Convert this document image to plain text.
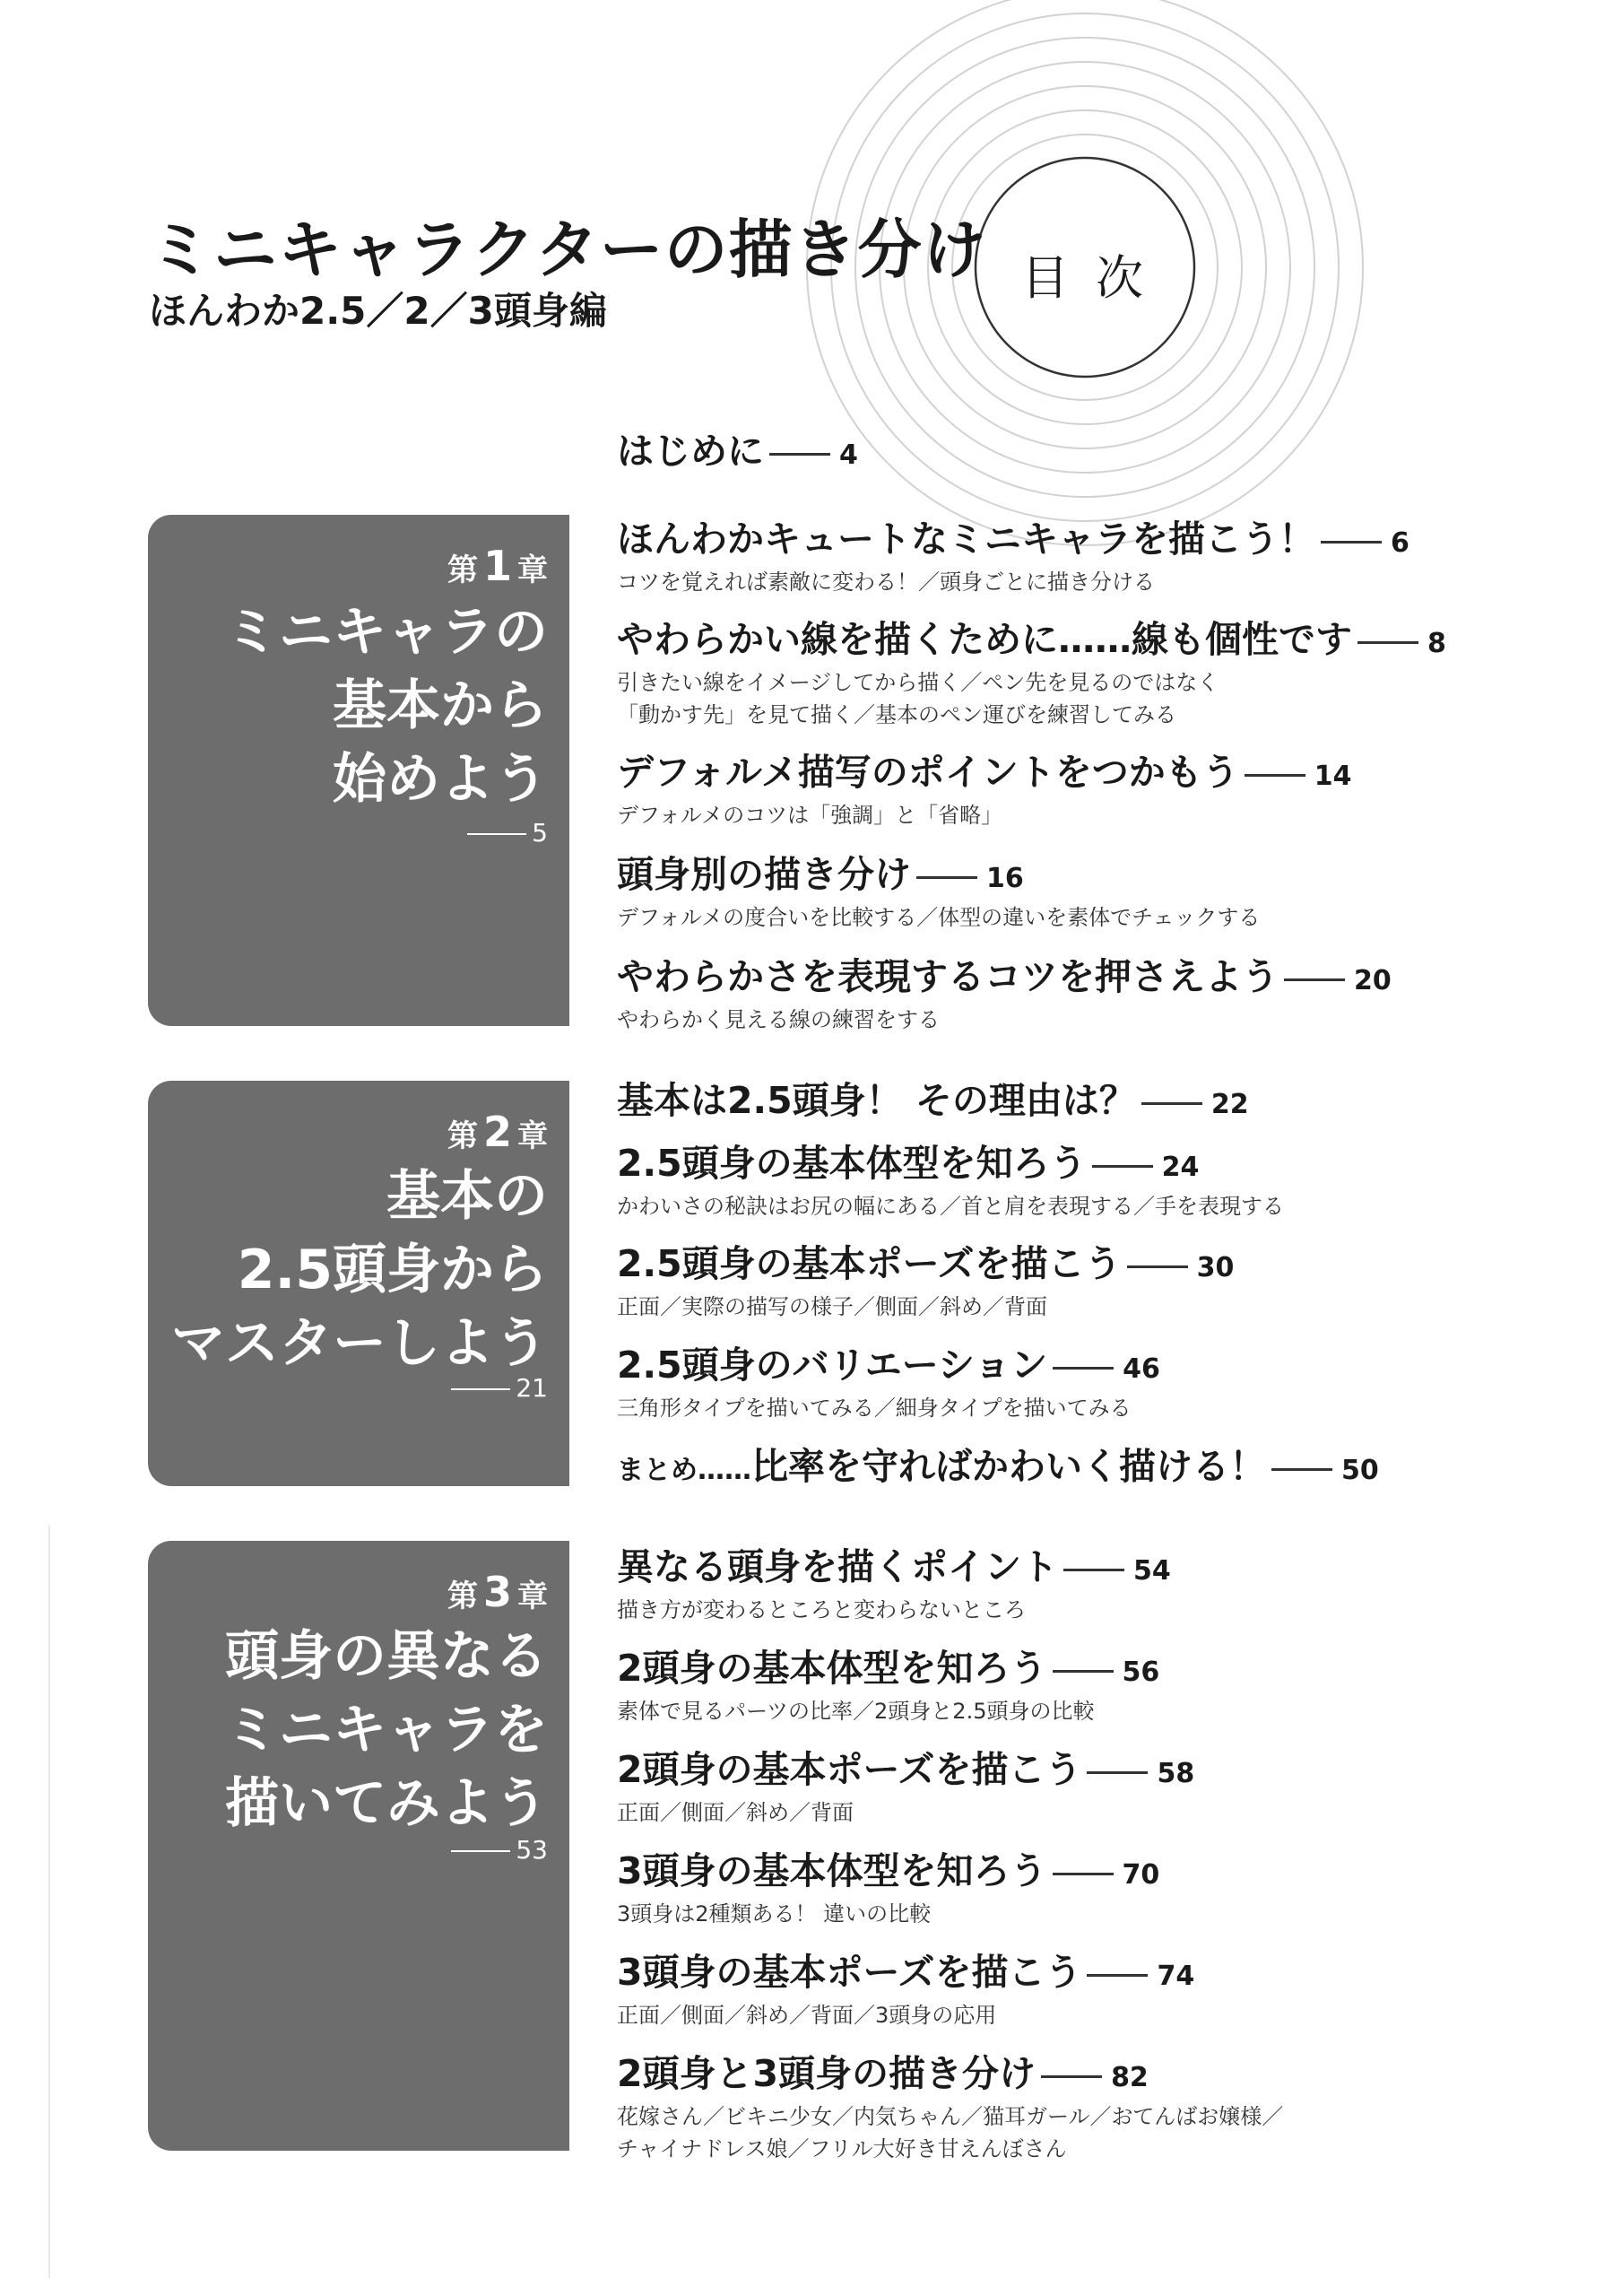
ミニキャラクターの描き分け
ほんわか2.5／2／3頭身編
目次
第 1 章
ミニキャラの
基本から
始めよう
5
第 2 章
基本の
2.5頭身から
マスターしよう
21
第 3 章
頭身の異なる
ミニキャラを
描いてみよう
53
はじめに	4
ほんわかキュートなミニキャラを描こう！	6
コツを覚えれば素敵に変わる！／頭身ごとに描き分ける
やわらかい線を描くために……線も個性です	8
引きたい線をイメージしてから描く／ペン先を見るのではなく
「動かす先」を見て描く／基本のペン運びを練習してみる
デフォルメ描写のポイントをつかもう	14
デフォルメのコツは「強調」と「省略」
頭身別の描き分け	16
デフォルメの度合いを比較する／体型の違いを素体でチェックする
やわらかさを表現するコツを押さえよう	20
やわらかく見える線の練習をする
基本は2.5頭身！ その理由は？	22
2.5頭身の基本体型を知ろう	24
かわいさの秘訣はお尻の幅にある／首と肩を表現する／手を表現する
2.5頭身の基本ポーズを描こう	30
正面／実際の描写の様子／側面／斜め／背面
2.5頭身のバリエーション	46
三角形タイプを描いてみる／細身タイプを描いてみる
まとめ……比率を守ればかわいく描ける！	50
異なる頭身を描くポイント	54
描き方が変わるところと変わらないところ
2頭身の基本体型を知ろう	56
素体で見るパーツの比率／2頭身と2.5頭身の比較
2頭身の基本ポーズを描こう	58
正面／側面／斜め／背面
3頭身の基本体型を知ろう	70
3頭身は2種類ある！ 違いの比較
3頭身の基本ポーズを描こう	74
正面／側面／斜め／背面／3頭身の応用
2頭身と3頭身の描き分け	82
花嫁さん／ビキニ少女／内気ちゃん／猫耳ガール／おてんばお嬢様／
チャイナドレス娘／フリル大好き甘えんぼさん
